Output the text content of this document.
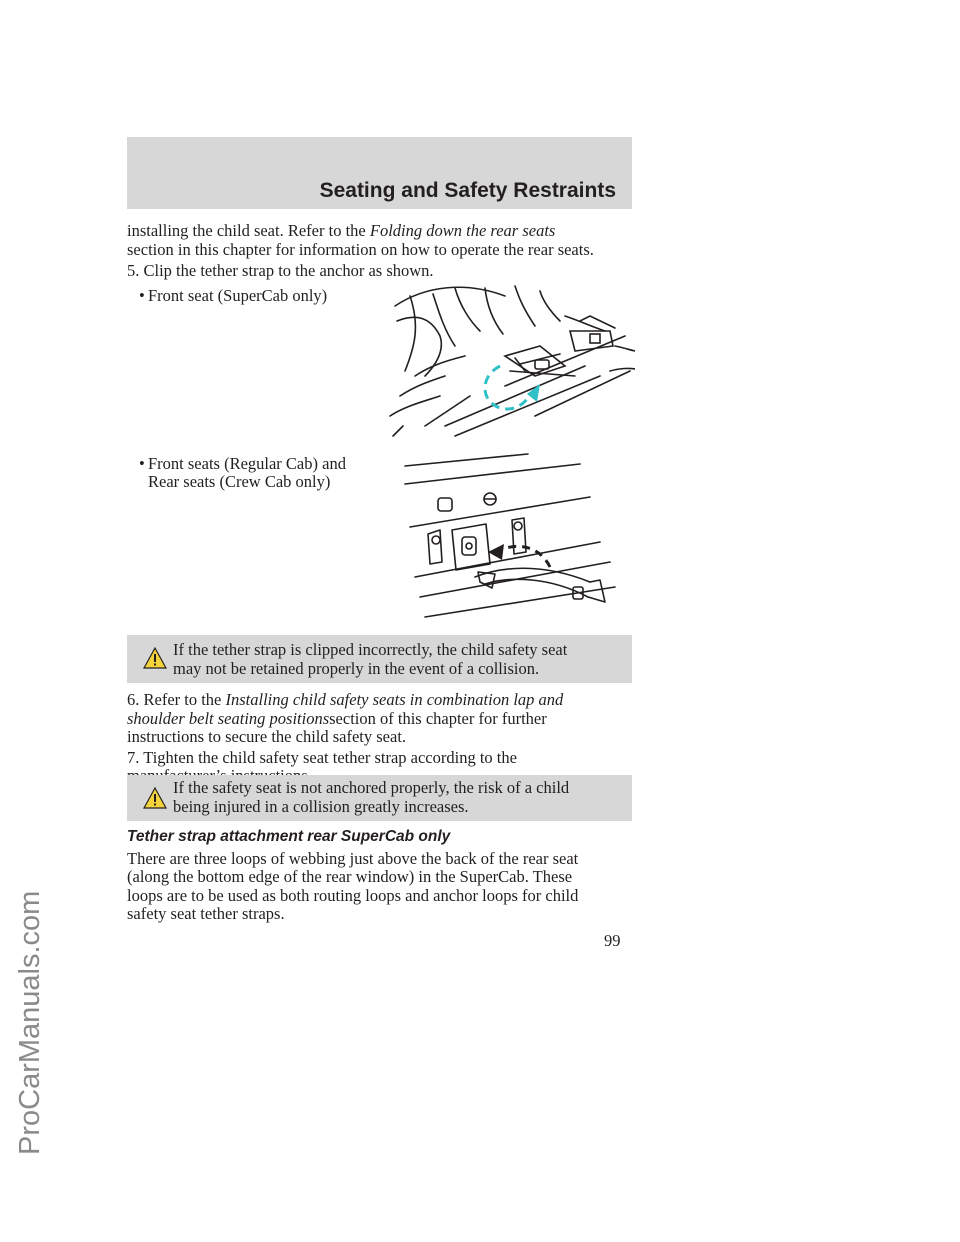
Seating and Safety Restraints
ProCarManuals.com
installing the child seat. Refer to the Folding down the rear seats
section in this chapter for information on how to operate the rear seats.
5. Clip the tether strap to the anchor as shown.
• Front seat (SuperCab only)
• Front seats (Regular Cab) and
Rear seats (Crew Cab only)
If the tether strap is clipped incorrectly, the child safety seat
may not be retained properly in the event of a collision.
6. Refer to the Installing child safety seats in combination lap and
shoulder belt seating positionssection of this chapter for further
instructions to secure the child safety seat.
7. Tighten the child safety seat tether strap according to the
If the safety seat is not anchored properly, the risk of a child
being injured in a collision greatly increases.
Tether strap attachment rear SuperCab only
There are three loops of webbing just above the back of the rear seat
(along the bottom edge of the rear window) in the SuperCab. These
loops are to be used as both routing loops and anchor loops for child
safety seat tether straps.
99
